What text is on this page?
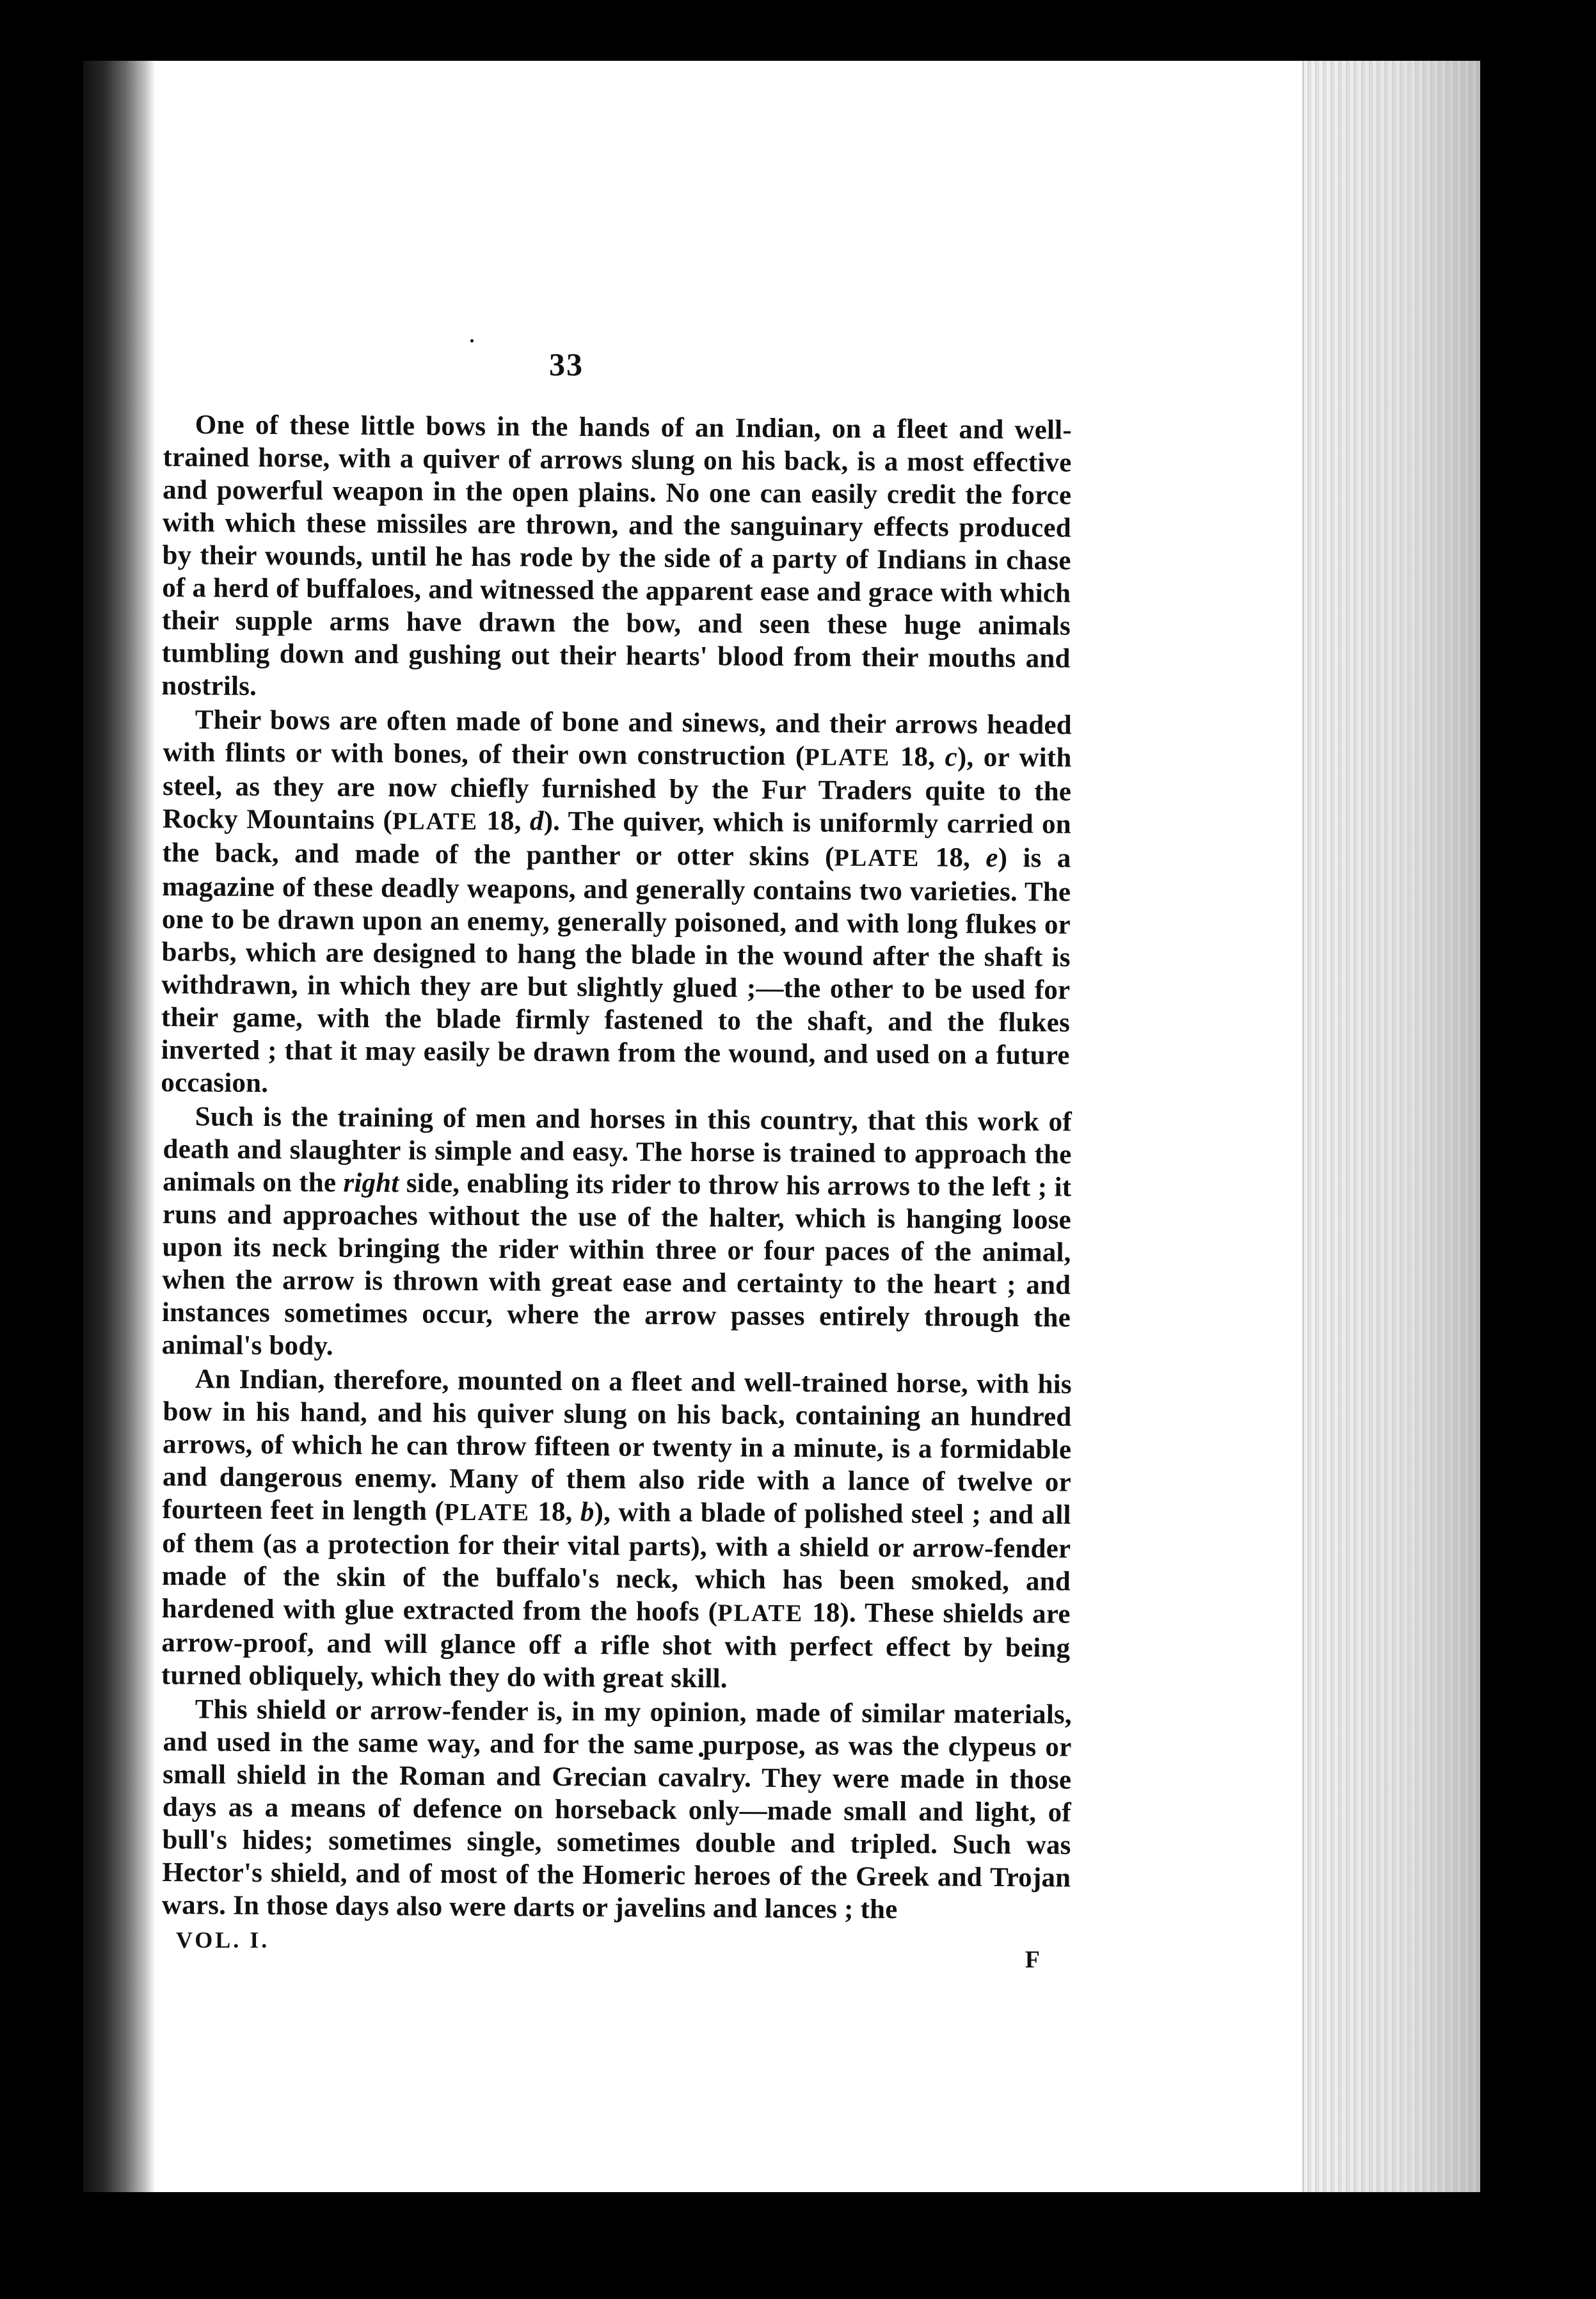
33

One of these little bows in the hands of an Indian, on a fleet and well-trained horse, with a quiver of arrows slung on his back, is a most effective and powerful weapon in the open plains. No one can easily credit the force with which these missiles are thrown, and the sanguinary effects produced by their wounds, until he has rode by the side of a party of Indians in chase of a herd of buffaloes, and witnessed the apparent ease and grace with which their supple arms have drawn the bow, and seen these huge animals tumbling down and gushing out their hearts' blood from their mouths and nostrils.

Their bows are often made of bone and sinews, and their arrows headed with flints or with bones, of their own construction (PLATE 18, c), or with steel, as they are now chiefly furnished by the Fur Traders quite to the Rocky Mountains (PLATE 18, d). The quiver, which is uniformly carried on the back, and made of the panther or otter skins (PLATE 18, e) is a magazine of these deadly weapons, and generally contains two varieties. The one to be drawn upon an enemy, generally poisoned, and with long flukes or barbs, which are designed to hang the blade in the wound after the shaft is withdrawn, in which they are but slightly glued ;—the other to be used for their game, with the blade firmly fastened to the shaft, and the flukes inverted ; that it may easily be drawn from the wound, and used on a future occasion.

Such is the training of men and horses in this country, that this work of death and slaughter is simple and easy. The horse is trained to approach the animals on the right side, enabling its rider to throw his arrows to the left ; it runs and approaches without the use of the halter, which is hanging loose upon its neck bringing the rider within three or four paces of the animal, when the arrow is thrown with great ease and certainty to the heart ; and instances sometimes occur, where the arrow passes entirely through the animal's body.

An Indian, therefore, mounted on a fleet and well-trained horse, with his bow in his hand, and his quiver slung on his back, containing an hundred arrows, of which he can throw fifteen or twenty in a minute, is a formidable and dangerous enemy. Many of them also ride with a lance of twelve or fourteen feet in length (PLATE 18, b), with a blade of polished steel ; and all of them (as a protection for their vital parts), with a shield or arrow-fender made of the skin of the buffalo's neck, which has been smoked, and hardened with glue extracted from the hoofs (PLATE 18). These shields are arrow-proof, and will glance off a rifle shot with perfect effect by being turned obliquely, which they do with great skill.

This shield or arrow-fender is, in my opinion, made of similar materials, and used in the same way, and for the same purpose, as was the clypeus or small shield in the Roman and Grecian cavalry. They were made in those days as a means of defence on horseback only—made small and light, of bull's hides; sometimes single, sometimes double and tripled. Such was Hector's shield, and of most of the Homeric heroes of the Greek and Trojan wars. In those days also were darts or javelins and lances ; the

VOL. I.
F
